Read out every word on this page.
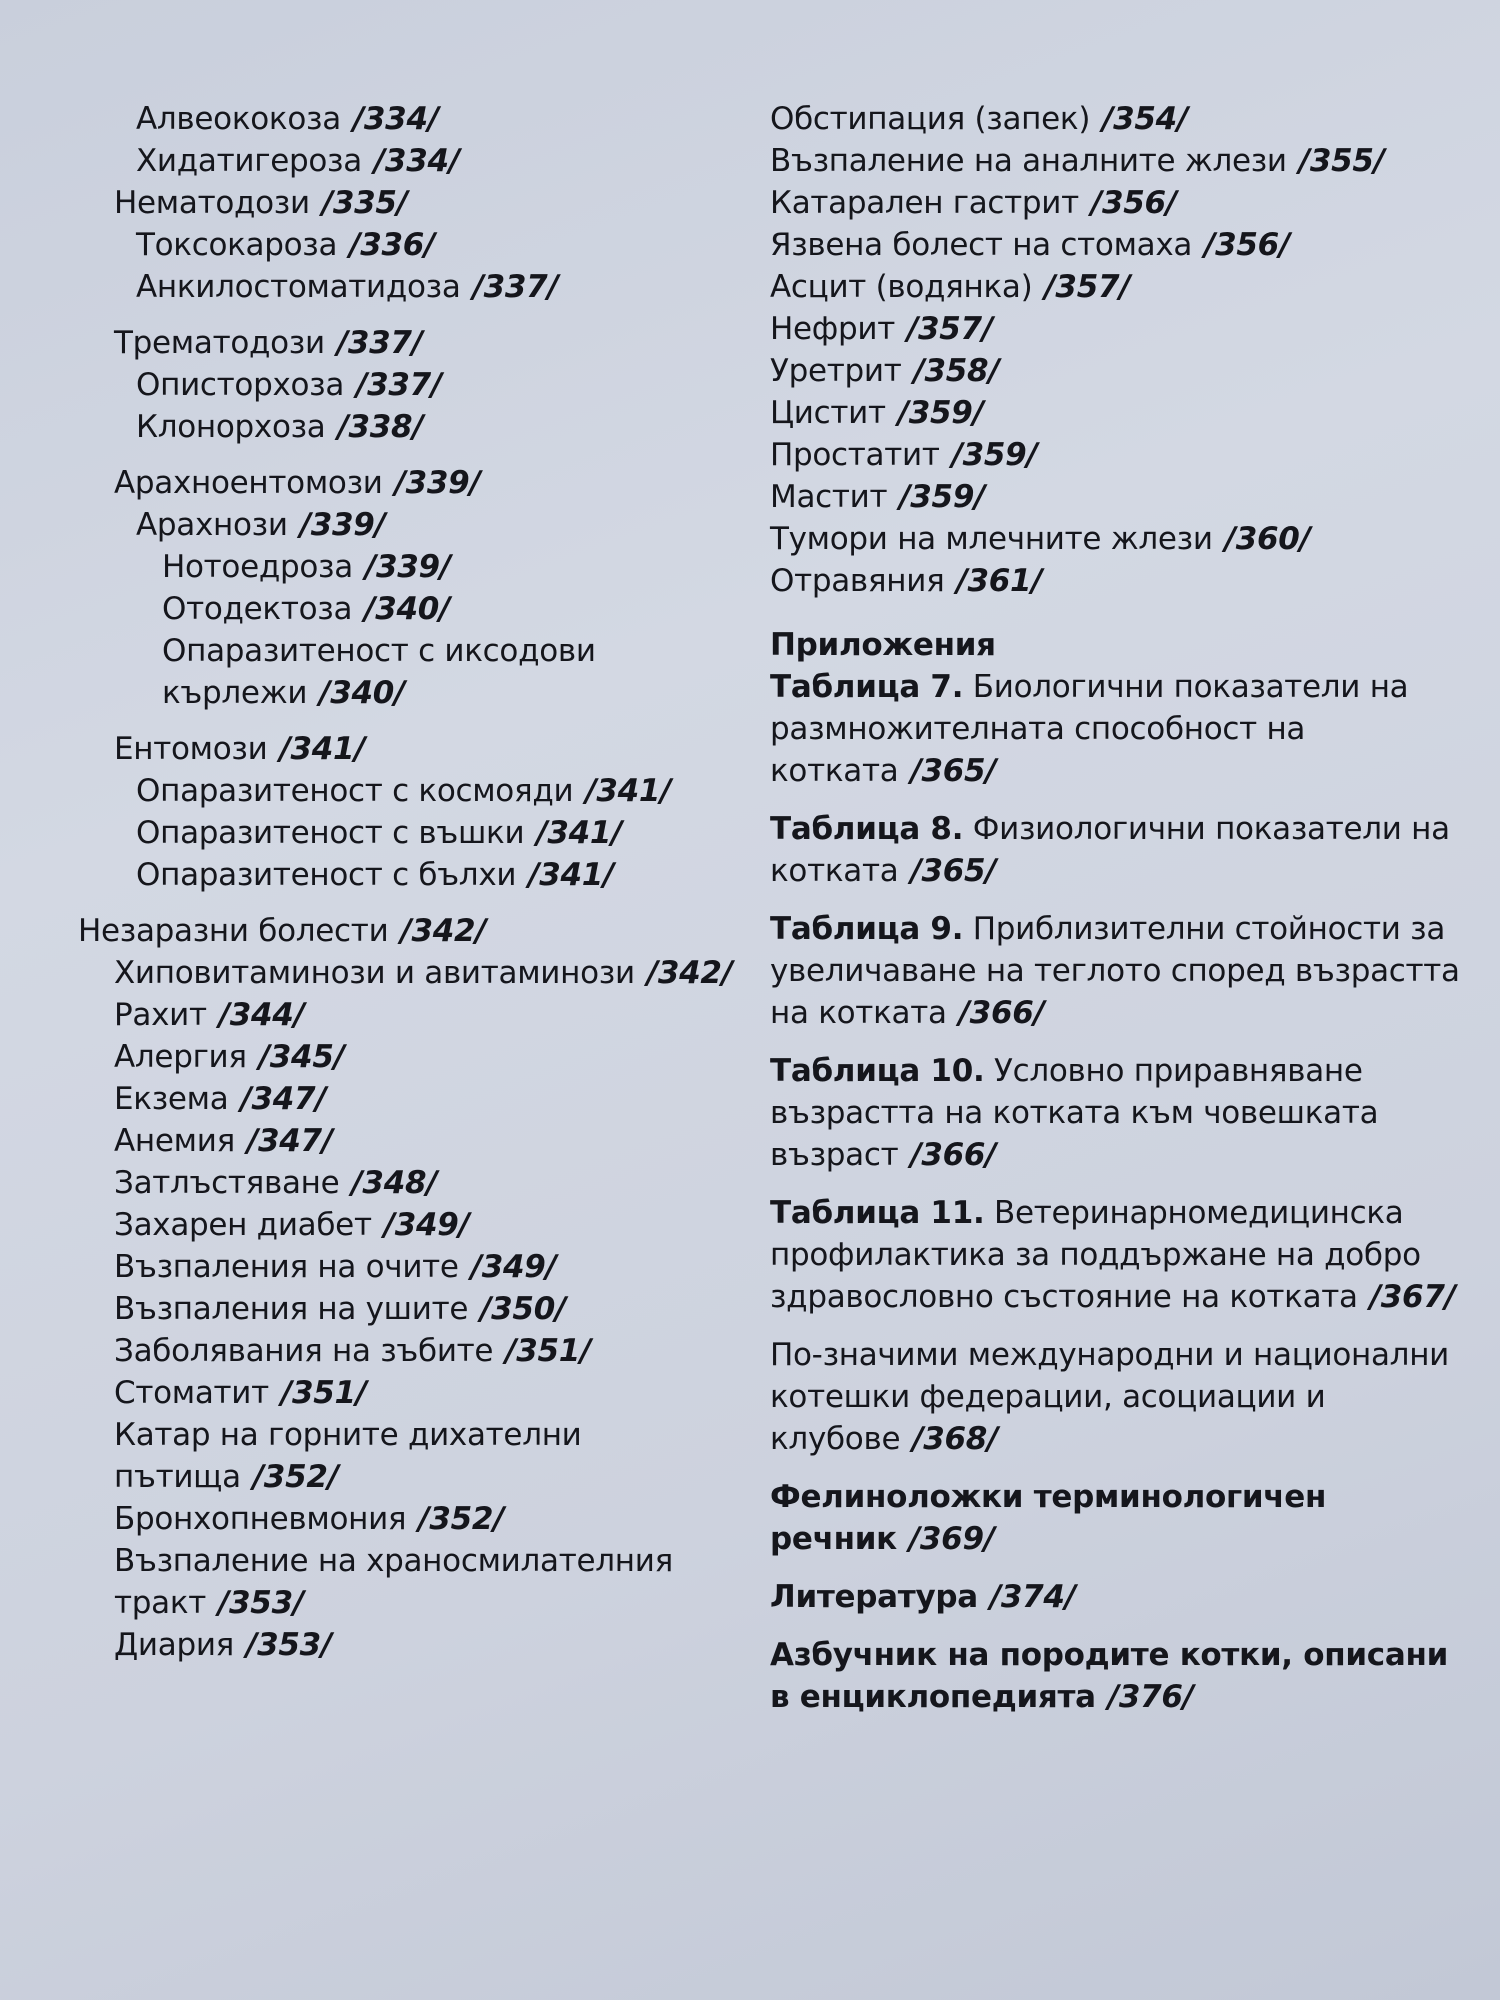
Алвеококоза /334/
Хидатигероза /334/
Нематодози /335/
Токсокароза /336/
Анкилостоматидоза /337/
Трематодози /337/
Описторхоза /337/
Клонорхоза /338/
Арахноентомози /339/
Арахнози /339/
Нотоедроза /339/
Отодектоза /340/
Опаразитеност с иксодови кърлежи /340/
Ентомози /341/
Опаразитеност с космояди /341/
Опаразитеност с въшки /341/
Опаразитеност с бълхи /341/
Незаразни болести /342/
Хиповитаминози и авитаминози /342/
Рахит /344/
Алергия /345/
Екзема /347/
Анемия /347/
Затлъстяване /348/
Захарен диабет /349/
Възпаления на очите /349/
Възпаления на ушите /350/
Заболявания на зъбите /351/
Стоматит /351/
Катар на горните дихателни пътища /352/
Бронхопневмония /352/
Възпаление на храносмилателния тракт /353/
Диария /353/
Обстипация (запек) /354/
Възпаление на аналните жлези /355/
Катарален гастрит /356/
Язвена болест на стомаха /356/
Асцит (водянка) /357/
Нефрит /357/
Уретрит /358/
Цистит /359/
Простатит /359/
Мастит /359/
Тумори на млечните жлези /360/
Отравяния /361/
Приложения
Таблица 7. Биологични показатели на размножителната способност на котката /365/
Таблица 8. Физиологични показатели на котката /365/
Таблица 9. Приблизителни стойности за увеличаване на теглото според възрастта на котката /366/
Таблица 10. Условно приравняване възрастта на котката към човешката възраст /366/
Таблица 11. Ветеринарномедицинска профилактика за поддържане на добро здравословно състояние на котката /367/
По-значими международни и национални котешки федерации, асоциации и клубове /368/
Фелиноложки терминологичен речник /369/
Литература /374/
Азбучник на породите котки, описани в енциклопедията /376/
